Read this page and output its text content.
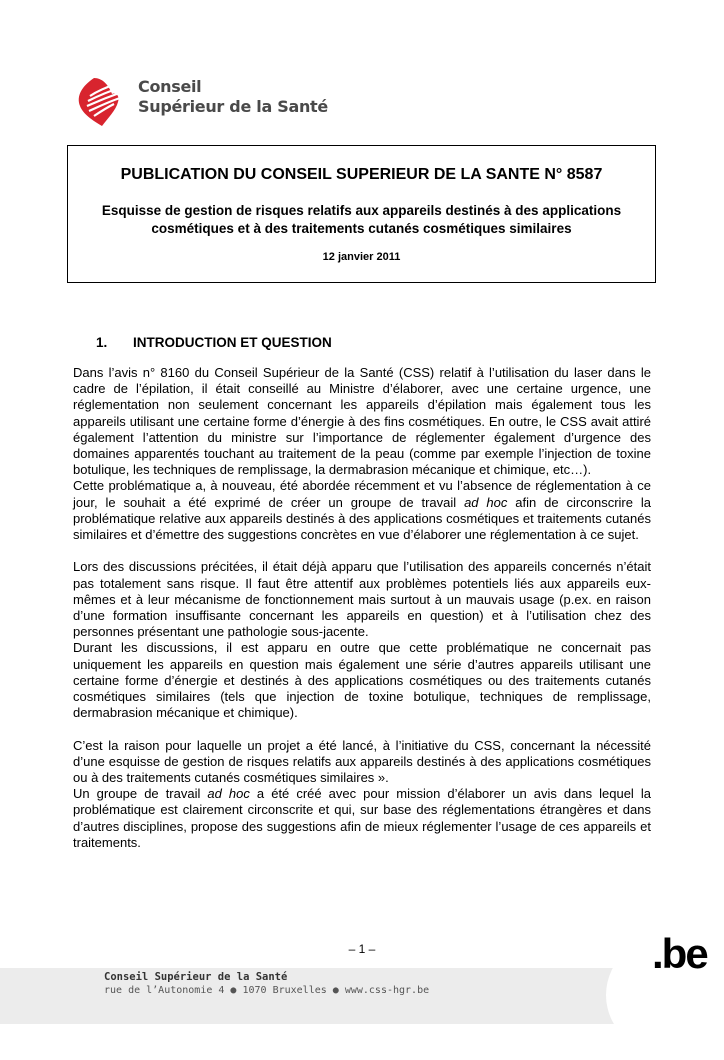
Conseil
Supérieur de la Santé
PUBLICATION DU CONSEIL SUPERIEUR DE LA SANTE N° 8587
Esquisse de gestion de risques relatifs aux appareils destinés à des applications cosmétiques et à des traitements cutanés cosmétiques similaires
12 janvier 2011
1. INTRODUCTION ET QUESTION

Dans l’avis n° 8160 du Conseil Supérieur de la Santé (CSS) relatif à l’utilisation du laser dans le cadre de l’épilation, il était conseillé au Ministre d’élaborer, avec une certaine urgence, une réglementation non seulement concernant les appareils d’épilation mais également tous les appareils utilisant une certaine forme d’énergie à des fins cosmétiques. En outre, le CSS avait attiré également l’attention du ministre sur l’importance de réglementer également d’urgence des domaines apparentés touchant au traitement de la peau (comme par exemple l’injection de toxine botulique, les techniques de remplissage, la dermabrasion mécanique et chimique, etc…).

Cette problématique a, à nouveau, été abordée récemment et vu l’absence de réglementation à ce jour, le souhait a été exprimé de créer un groupe de travail ad hoc afin de circonscrire la problématique relative aux appareils destinés à des applications cosmétiques et traitements cutanés similaires et d’émettre des suggestions concrètes en vue d’élaborer une réglementation à ce sujet.

Lors des discussions précitées, il était déjà apparu que l’utilisation des appareils concernés n’était pas totalement sans risque. Il faut être attentif aux problèmes potentiels liés aux appareils eux-mêmes et à leur mécanisme de fonctionnement mais surtout à un mauvais usage (p.ex. en raison d’une formation insuffisante concernant les appareils en question) et à l’utilisation chez des personnes présentant une pathologie sous-jacente.

Durant les discussions, il est apparu en outre que cette problématique ne concernait pas uniquement les appareils en question mais également une série d’autres appareils utilisant une certaine forme d’énergie et destinés à des applications cosmétiques ou des traitements cutanés cosmétiques similaires (tels que injection de toxine botulique, techniques de remplissage, dermabrasion mécanique et chimique).

C’est la raison pour laquelle un projet a été lancé, à l’initiative du CSS, concernant la nécessité d’une esquisse de gestion de risques relatifs aux appareils destinés à des applications cosmétiques ou à des traitements cutanés cosmétiques similaires ».

Un groupe de travail ad hoc a été créé avec pour mission d’élaborer un avis dans lequel la problématique est clairement circonscrite et qui, sur base des réglementations étrangères et dans d’autres disciplines, propose des suggestions afin de mieux réglementer l’usage de ces appareils et traitements.

– 1 –
Conseil Supérieur de la Santé
rue de l’Autonomie 4 ● 1070 Bruxelles ● www.css-hgr.be
.be
